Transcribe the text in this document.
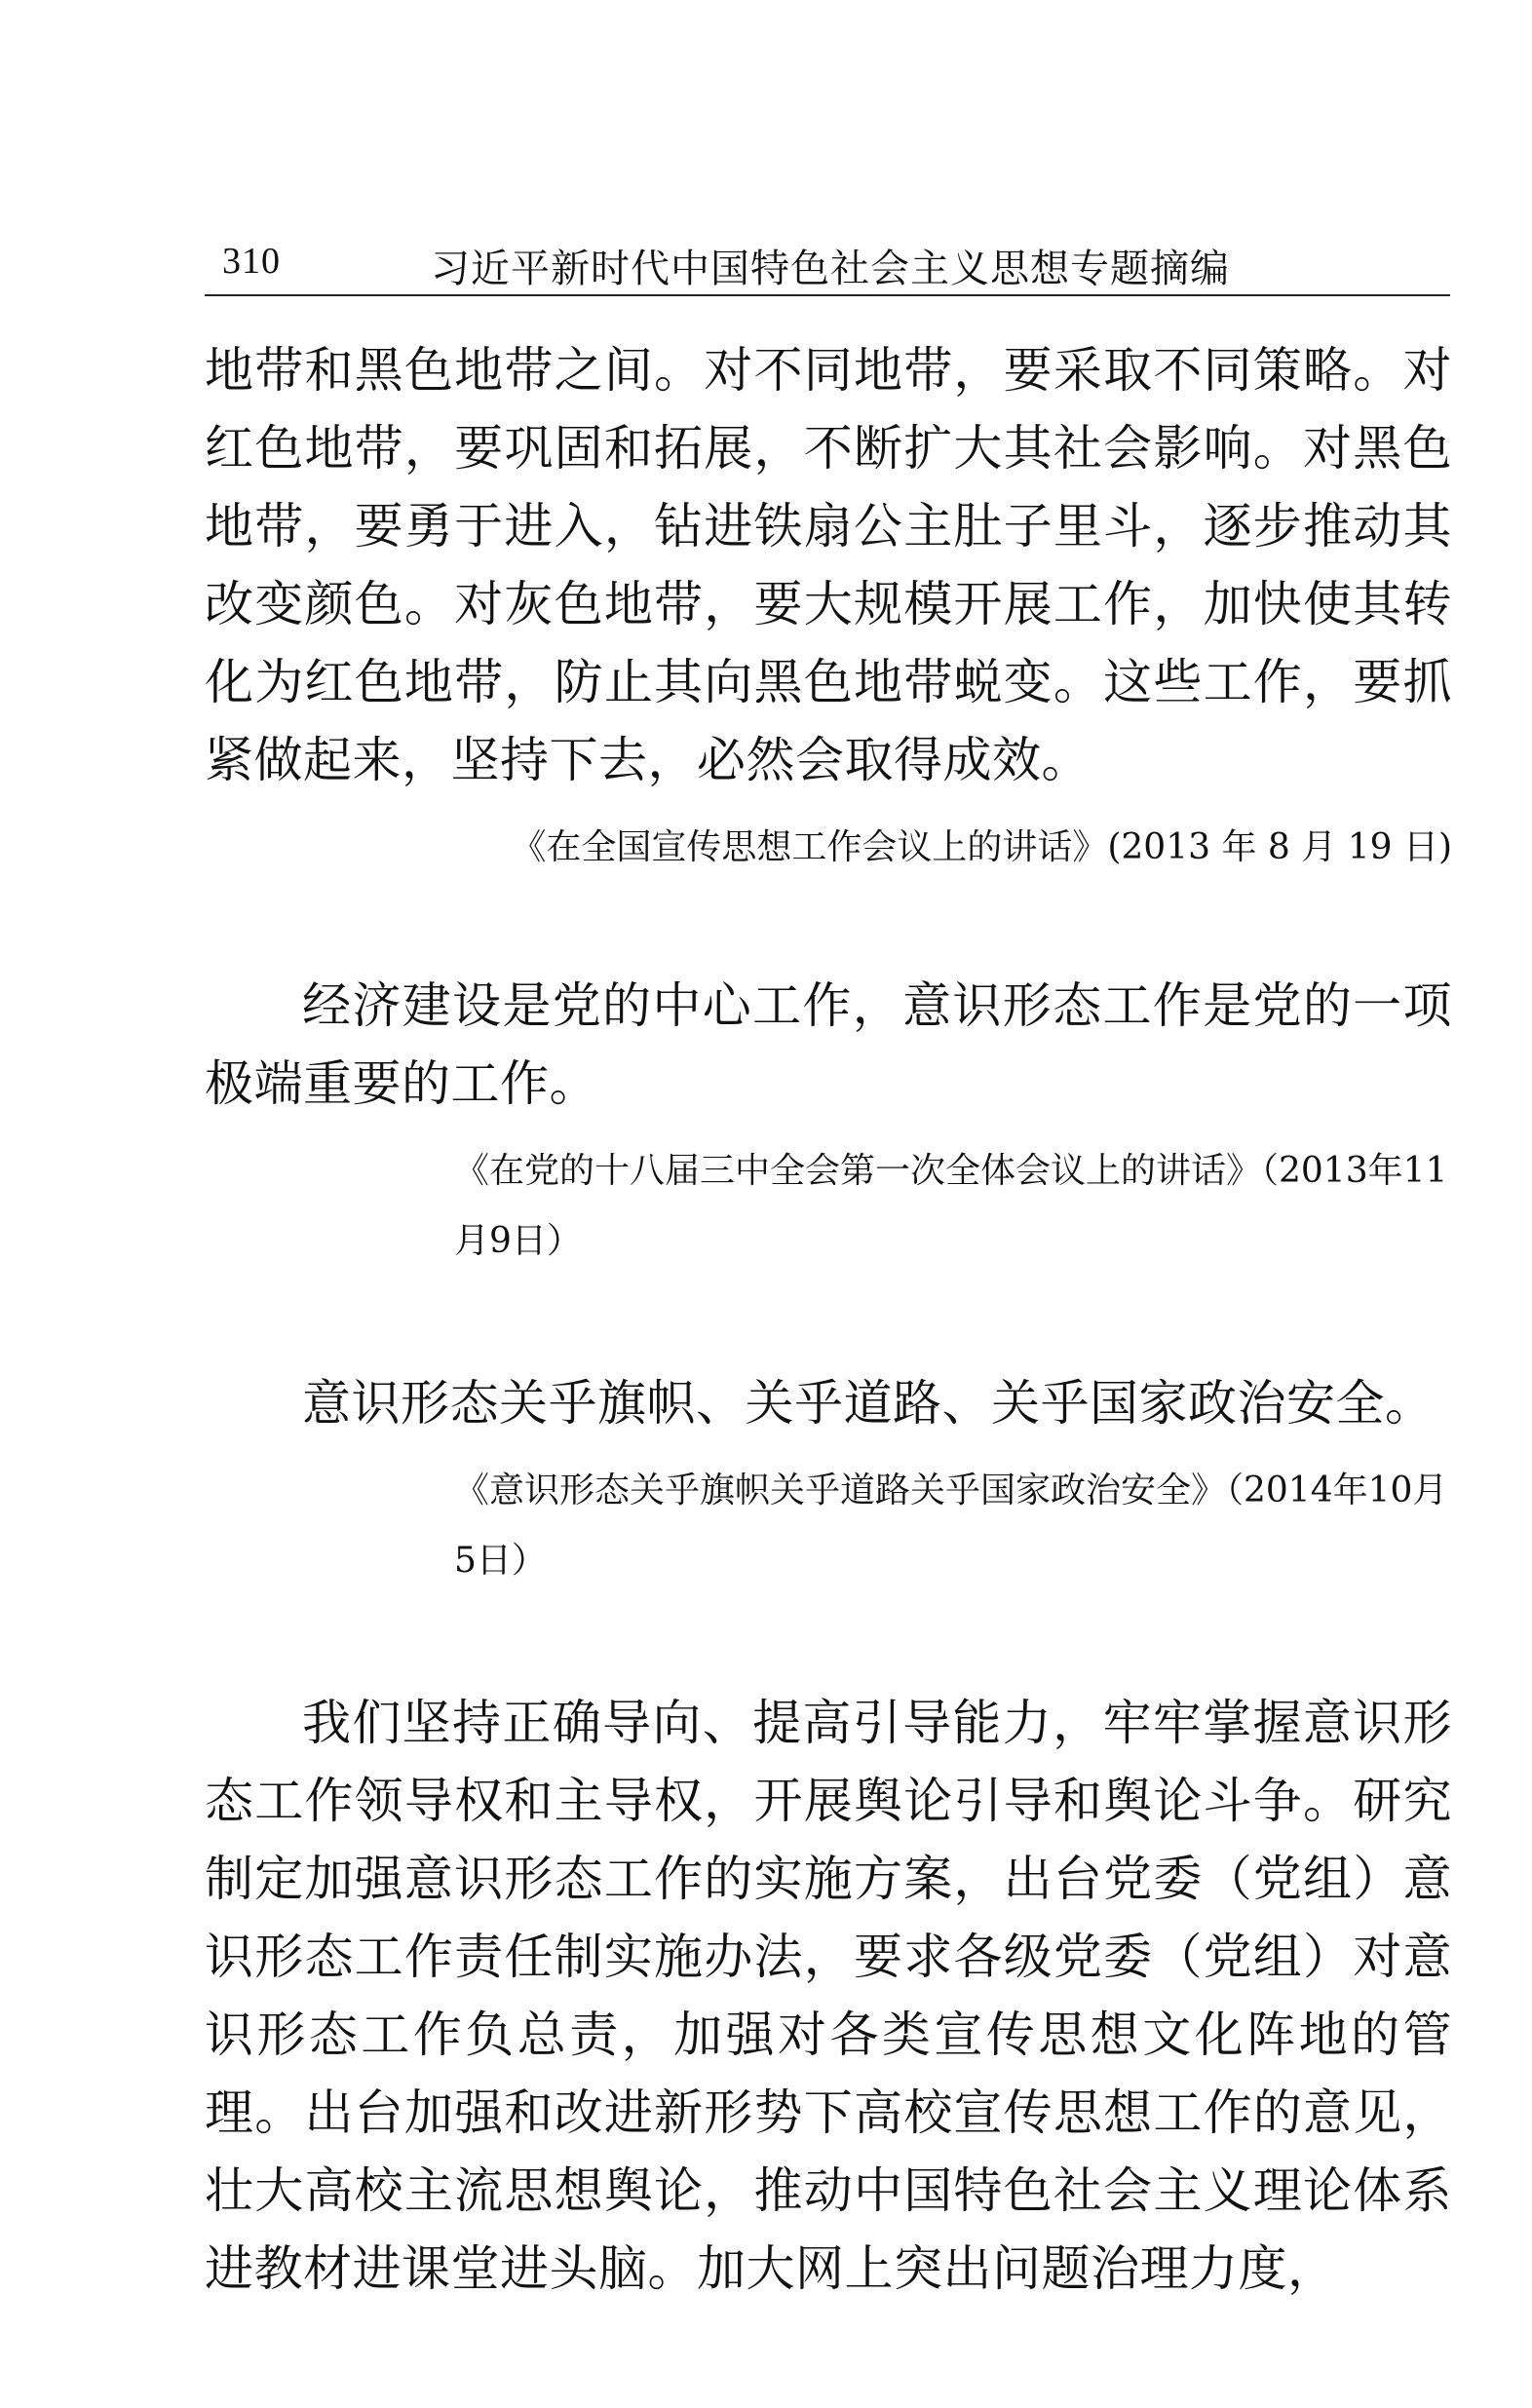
310	习近平新时代中国特色社会主义思想专题摘编

地带和黑色地带之间。对不同地带，要采取不同策略。对红色地带，要巩固和拓展，不断扩大其社会影响。对黑色地带，要勇于进入，钻进铁扇公主肚子里斗，逐步推动其改变颜色。对灰色地带，要大规模开展工作，加快使其转化为红色地带，防止其向黑色地带蜕变。这些工作，要抓紧做起来，坚持下去，必然会取得成效。

《在全国宣传思想工作会议上的讲话》(2013 年 8 月 19 日)

经济建设是党的中心工作，意识形态工作是党的一项极端重要的工作。

《在党的十八届三中全会第一次全体会议上的讲话》（2013年11月9日）

意识形态关乎旗帜、关乎道路、关乎国家政治安全。

《意识形态关乎旗帜关乎道路关乎国家政治安全》（2014年10月5日）

我们坚持正确导向、提高引导能力，牢牢掌握意识形态工作领导权和主导权，开展舆论引导和舆论斗争。研究制定加强意识形态工作的实施方案，出台党委（党组）意识形态工作责任制实施办法，要求各级党委（党组）对意识形态工作负总责，加强对各类宣传思想文化阵地的管理。出台加强和改进新形势下高校宣传思想工作的意见，壮大高校主流思想舆论，推动中国特色社会主义理论体系进教材进课堂进头脑。加大网上突出问题治理力度，
